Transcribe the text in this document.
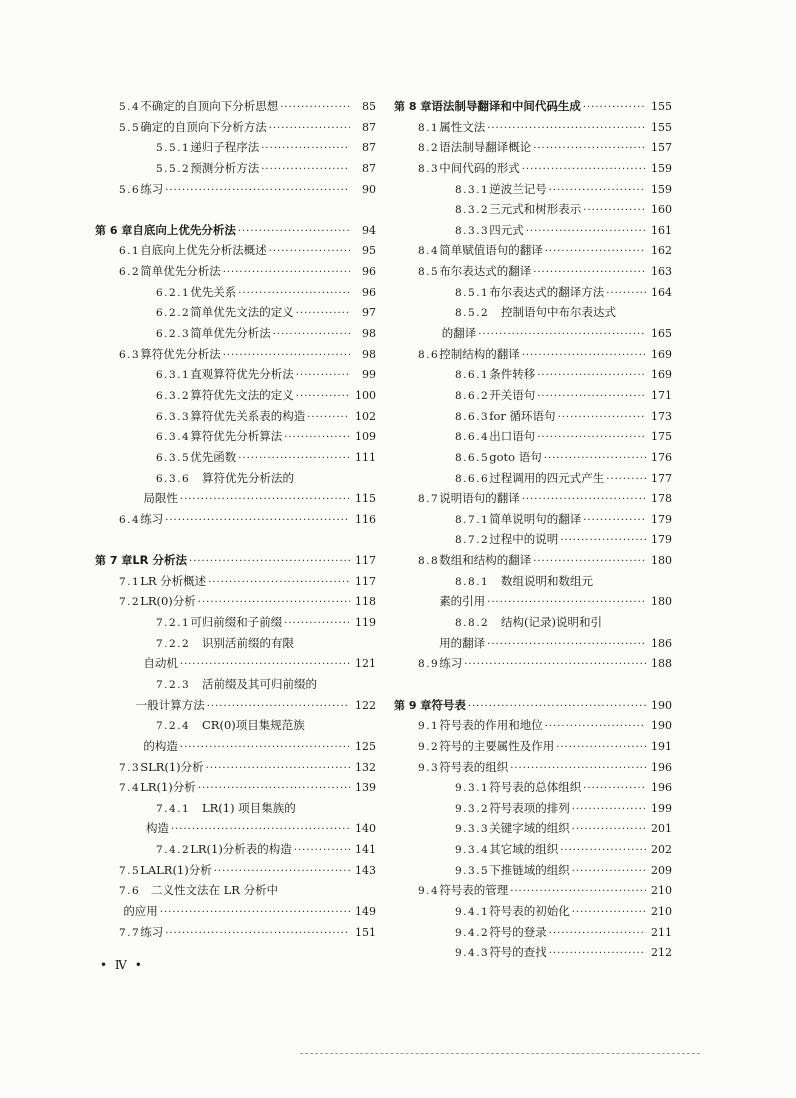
5.4 不确定的自顶向下分析思想 ·····	85
5.5 确定的自顶向下分析方法 ·····	87
5.5.1 递归子程序法 ·····	87
5.5.2 预测分析方法 ·····	87
5.6 练习 ·····	90
第 6 章 自底向上优先分析法 ·····	94
6.1 自底向上优先分析法概述 ·····	95
6.2 简单优先分析法 ·····	96
6.2.1 优先关系 ·····	96
6.2.2 简单优先文法的定义 ·····	97
6.2.3 简单优先分析法 ·····	98
6.3 算符优先分析法 ·····	98
6.3.1 直观算符优先分析法 ·····	99
6.3.2 算符优先文法的定义 ·····	100
6.3.3 算符优先关系表的构造 ·····	102
6.3.4 算符优先分析算法 ·····	109
6.3.5 优先函数 ·····	111
6.3.6	算符优先分析法的
局限性 ·····	115
6.4 练习 ·····	116
第 7 章 LR 分析法 ·····	117
7.1 LR 分析概述 ·····	117
7.2 LR(0)分析 ·····	118
7.2.1 可归前缀和子前缀 ·····	119
7.2.2	识别活前缀的有限
自动机 ·····	121
7.2.3	活前缀及其可归前缀的
一般计算方法 ·····	122
7.2.4	CR(0)项目集规范族
的构造 ·····	125
7.3 SLR(1)分析 ·····	132
7.4 LR(1)分析 ·····	139
7.4.1	LR(1) 项目集族的
构造 ·····	140
7.4.2 LR(1)分析表的构造 ·····	141
7.5 LALR(1)分析 ·····	143
7.6 二义性文法在 LR 分析中
的应用 ·····	149
7.7 练习 ·····	151
第 8 章 语法制导翻译和中间代码生成 ·····	155
8.1 属性文法 ·····	155
8.2 语法制导翻译概论 ·····	157
8.3 中间代码的形式 ·····	159
8.3.1 逆波兰记号 ·····	159
8.3.2 三元式和树形表示 ·····	160
8.3.3 四元式 ·····	161
8.4 简单赋值语句的翻译 ·····	162
8.5 布尔表达式的翻译 ·····	163
8.5.1 布尔表达式的翻译方法 ·····	164
8.5.2	控制语句中布尔表达式
的翻译 ·····	165
8.6 控制结构的翻译 ·····	169
8.6.1 条件转移 ·····	169
8.6.2 开关语句 ·····	171
8.6.3 for 循环语句 ·····	173
8.6.4 出口语句 ·····	175
8.6.5 goto 语句 ·····	176
8.6.6 过程调用的四元式产生 ·····	177
8.7 说明语句的翻译 ·····	178
8.7.1 简单说明句的翻译 ·····	179
8.7.2 过程中的说明 ·····	179
8.8 数组和结构的翻译 ·····	180
8.8.1	数组说明和数组元
素的引用 ·····	180
8.8.2	结构(记录)说明和引
用的翻译 ·····	186
8.9 练习 ·····	188
第 9 章 符号表 ·····	190
9.1 符号表的作用和地位 ·····	190
9.2 符号的主要属性及作用 ·····	191
9.3 符号表的组织 ·····	196
9.3.1 符号表的总体组织 ·····	196
9.3.2 符号表项的排列 ·····	199
9.3.3 关键字域的组织 ·····	201
9.3.4 其它域的组织 ·····	202
9.3.5 下推链域的组织 ·····	209
9.4 符号表的管理 ·····	210
9.4.1 符号表的初始化 ·····	210
9.4.2 符号的登录 ·····	211
9.4.3 符号的查找 ·····	212
• Ⅳ •
